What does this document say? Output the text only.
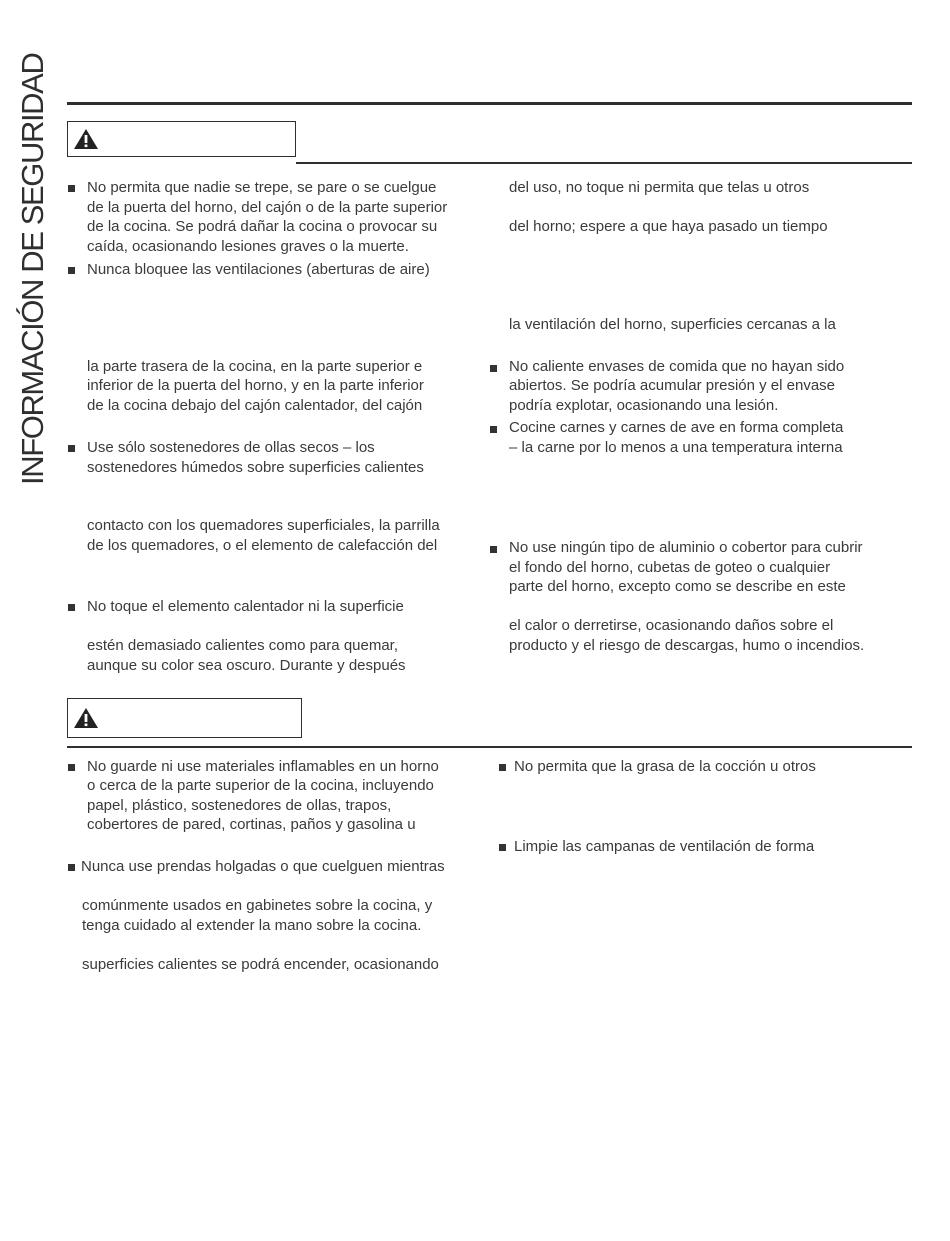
INFORMACIÓN DE SEGURIDAD No permita que nadie se trepe, se pare o se cuelgue
de la puerta del horno, del cajón o de la parte superior
de la cocina. Se podrá dañar la cocina o provocar su
caída, ocasionando lesiones graves o la muerte.
Nunca bloquee las ventilaciones (aberturas de aire)
la parte trasera de la cocina, en la parte superior e
inferior de la puerta del horno, y en la parte inferior
de la cocina debajo del cajón calentador, del cajón
Use sólo sostenedores de ollas secos – los
sostenedores húmedos sobre superficies calientes
contacto con los quemadores superficiales, la parrilla
de los quemadores, o el elemento de calefacción del
No toque el elemento calentador ni la superficie
estén demasiado calientes como para quemar,
aunque su color sea oscuro. Durante y después
del uso, no toque ni permita que telas u otros
del horno; espere a que haya pasado un tiempo
la ventilación del horno, superficies cercanas a la
No caliente envases de comida que no hayan sido
abiertos. Se podría acumular presión y el envase
podría explotar, ocasionando una lesión.
Cocine carnes y carnes de ave en forma completa
– la carne por lo menos a una temperatura interna
No use ningún tipo de aluminio o cobertor para cubrir
el fondo del horno, cubetas de goteo o cualquier
parte del horno, excepto como se describe en este
el calor o derretirse, ocasionando daños sobre el
producto y el riesgo de descargas, humo o incendios.
No guarde ni use materiales inflamables en un horno
o cerca de la parte superior de la cocina, incluyendo
papel, plástico, sostenedores de ollas, trapos,
cobertores de pared, cortinas, paños y gasolina u
Nunca use prendas holgadas o que cuelguen mientras
comúnmente usados en gabinetes sobre la cocina, y
tenga cuidado al extender la mano sobre la cocina.
superficies calientes se podrá encender, ocasionando
No permita que la grasa de la cocción u otros
Limpie las campanas de ventilación de forma
